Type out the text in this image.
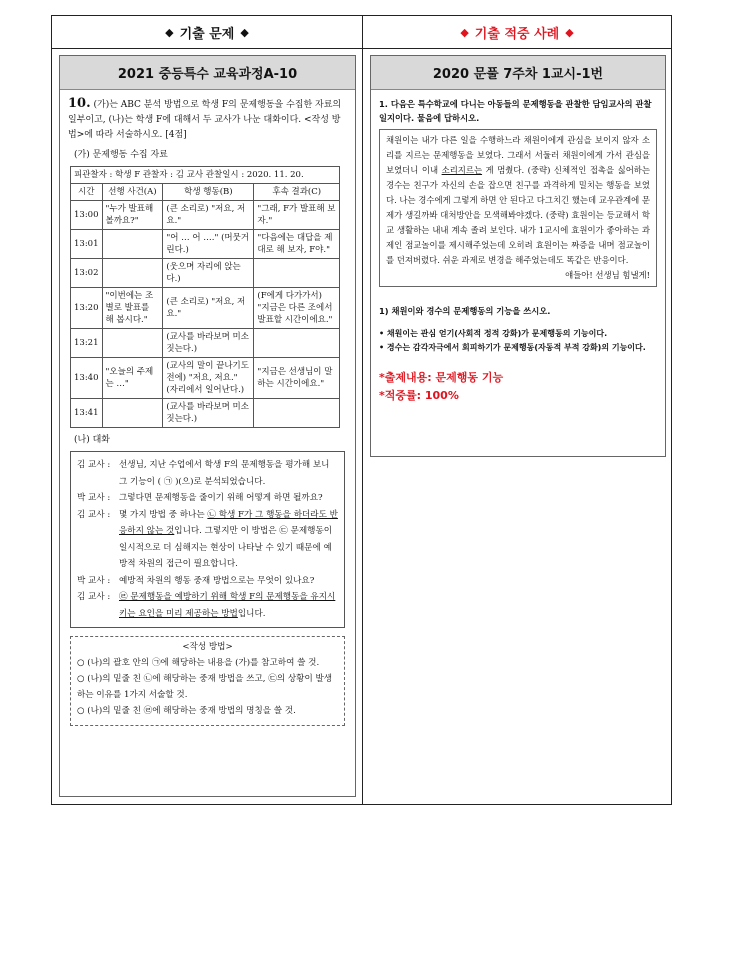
◆ 기출 문제 ◆	◆ 기출 적중 사례 ◆
2021 중등특수 교육과정A-10
10. (가)는 ABC 분석 방법으로 학생 F의 문제행동을 수집한 자료의 일부이고, (나)는 학생 F에 대해서 두 교사가 나눈 대화이다. <작성 방법>에 따라 서술하시오. [4점]
(가) 문제행동 수집 자료
피관찰자 : 학생 F 관찰자 : 김 교사 관찰일시 : 2020. 11. 20.			
시간	선행 사건(A)	학생 행동(B)	후속 결과(C)
13:00	"누가 발표해 볼까요?"	(큰 소리로) "저요, 저요."	"그래, F가 발표해 보자."
13:01		"어 … 어 …." (머뭇거린다.)	"다음에는 대답을 제대로 해 보자, F야."
13:02		(웃으며 자리에 앉는다.)	
13:20	"이번에는 조별로 발표를 해 봅시다."	(큰 소리로) "저요, 저요."	(F에게 다가가서) "지금은 다른 조에서 발표할 시간이에요."
13:21		(교사를 바라보며 미소 짓는다.)	
13:40	"오늘의 주제는 …"	(교사의 말이 끝나기도 전에) "저요, 저요." (자리에서 일어난다.)	"지금은 선생님이 말하는 시간이에요."
13:41		(교사를 바라보며 미소 짓는다.)	
(나) 대화
김 교사 :	선생님, 지난 수업에서 학생 F의 문제행동을 평가해 보니 그 기능이 ( ㉠ )(으)로 분석되었습니다.
박 교사 :	그렇다면 문제행동을 줄이기 위해 어떻게 하면 될까요?
김 교사 :	몇 가지 방법 중 하나는 ㉡ 학생 F가 그 행동을 하더라도 반응하지 않는 것입니다. 그렇지만 이 방법은 ㉢ 문제행동이 일시적으로 더 심해지는 현상이 나타날 수 있기 때문에 예방적 차원의 접근이 필요합니다.
박 교사 :	예방적 차원의 행동 중재 방법으로는 무엇이 있나요?
김 교사 :	㉣ 문제행동을 예방하기 위해 학생 F의 문제행동을 유지시키는 요인을 미리 제공하는 방법입니다.
<작성 방법>
○ (나)의 괄호 안의 ㉠에 해당하는 내용을 (가)를 참고하여 쓸 것.
○ (나)의 밑줄 친 ㉡에 해당하는 중재 방법을 쓰고, ㉢의 상황이 발생하는 이유를 1가지 서술할 것.
○ (나)의 밑줄 친 ㉣에 해당하는 중재 방법의 명칭을 쓸 것.
2020 문풀 7주차 1교시-1번
1. 다음은 특수학교에 다니는 아동들의 문제행동을 관찰한 담임교사의 관찰일지이다. 물음에 답하시오.
채원이는 내가 다른 일을 수행하느라 채원이에게 관심을 보이지 않자 소리를 지르는 문제행동을 보였다. 그래서 서둘러 채원이에게 가서 관심을 보였더니 이내 소리지르는 게 멈췄다. (중략) 신체적인 접촉을 싫어하는 경수는 친구가 자신의 손을 잡으면 친구를 과격하게 밀치는 행동을 보였다. 나는 경수에게 그렇게 하면 안 된다고 다그치긴 했는데 교우관계에 문제가 생길까봐 대처방안을 모색해봐야겠다. (중략) 효원이는 등교해서 학교 생활하는 내내 계속 졸려 보인다. 내가 1교시에 효원이가 좋아하는 과제인 점교놀이를 제시해주었는데 오히려 효원이는 짜증을 내며 점교놀이를 던져버렸다. 쉬운 과제로 변경을 해주었는데도 똑같은 반응이다.
얘들아! 선생님 힘낼게!
1) 채원이와 경수의 문제행동의 기능을 쓰시오.
• 채원이는 관심 얻기(사회적 정적 강화)가 문제행동의 기능이다.
• 경수는 감각자극에서 회피하기가 문제행동(자동적 부적 강화)의 기능이다.
*출제내용: 문제행동 기능
*적중률: 100%
